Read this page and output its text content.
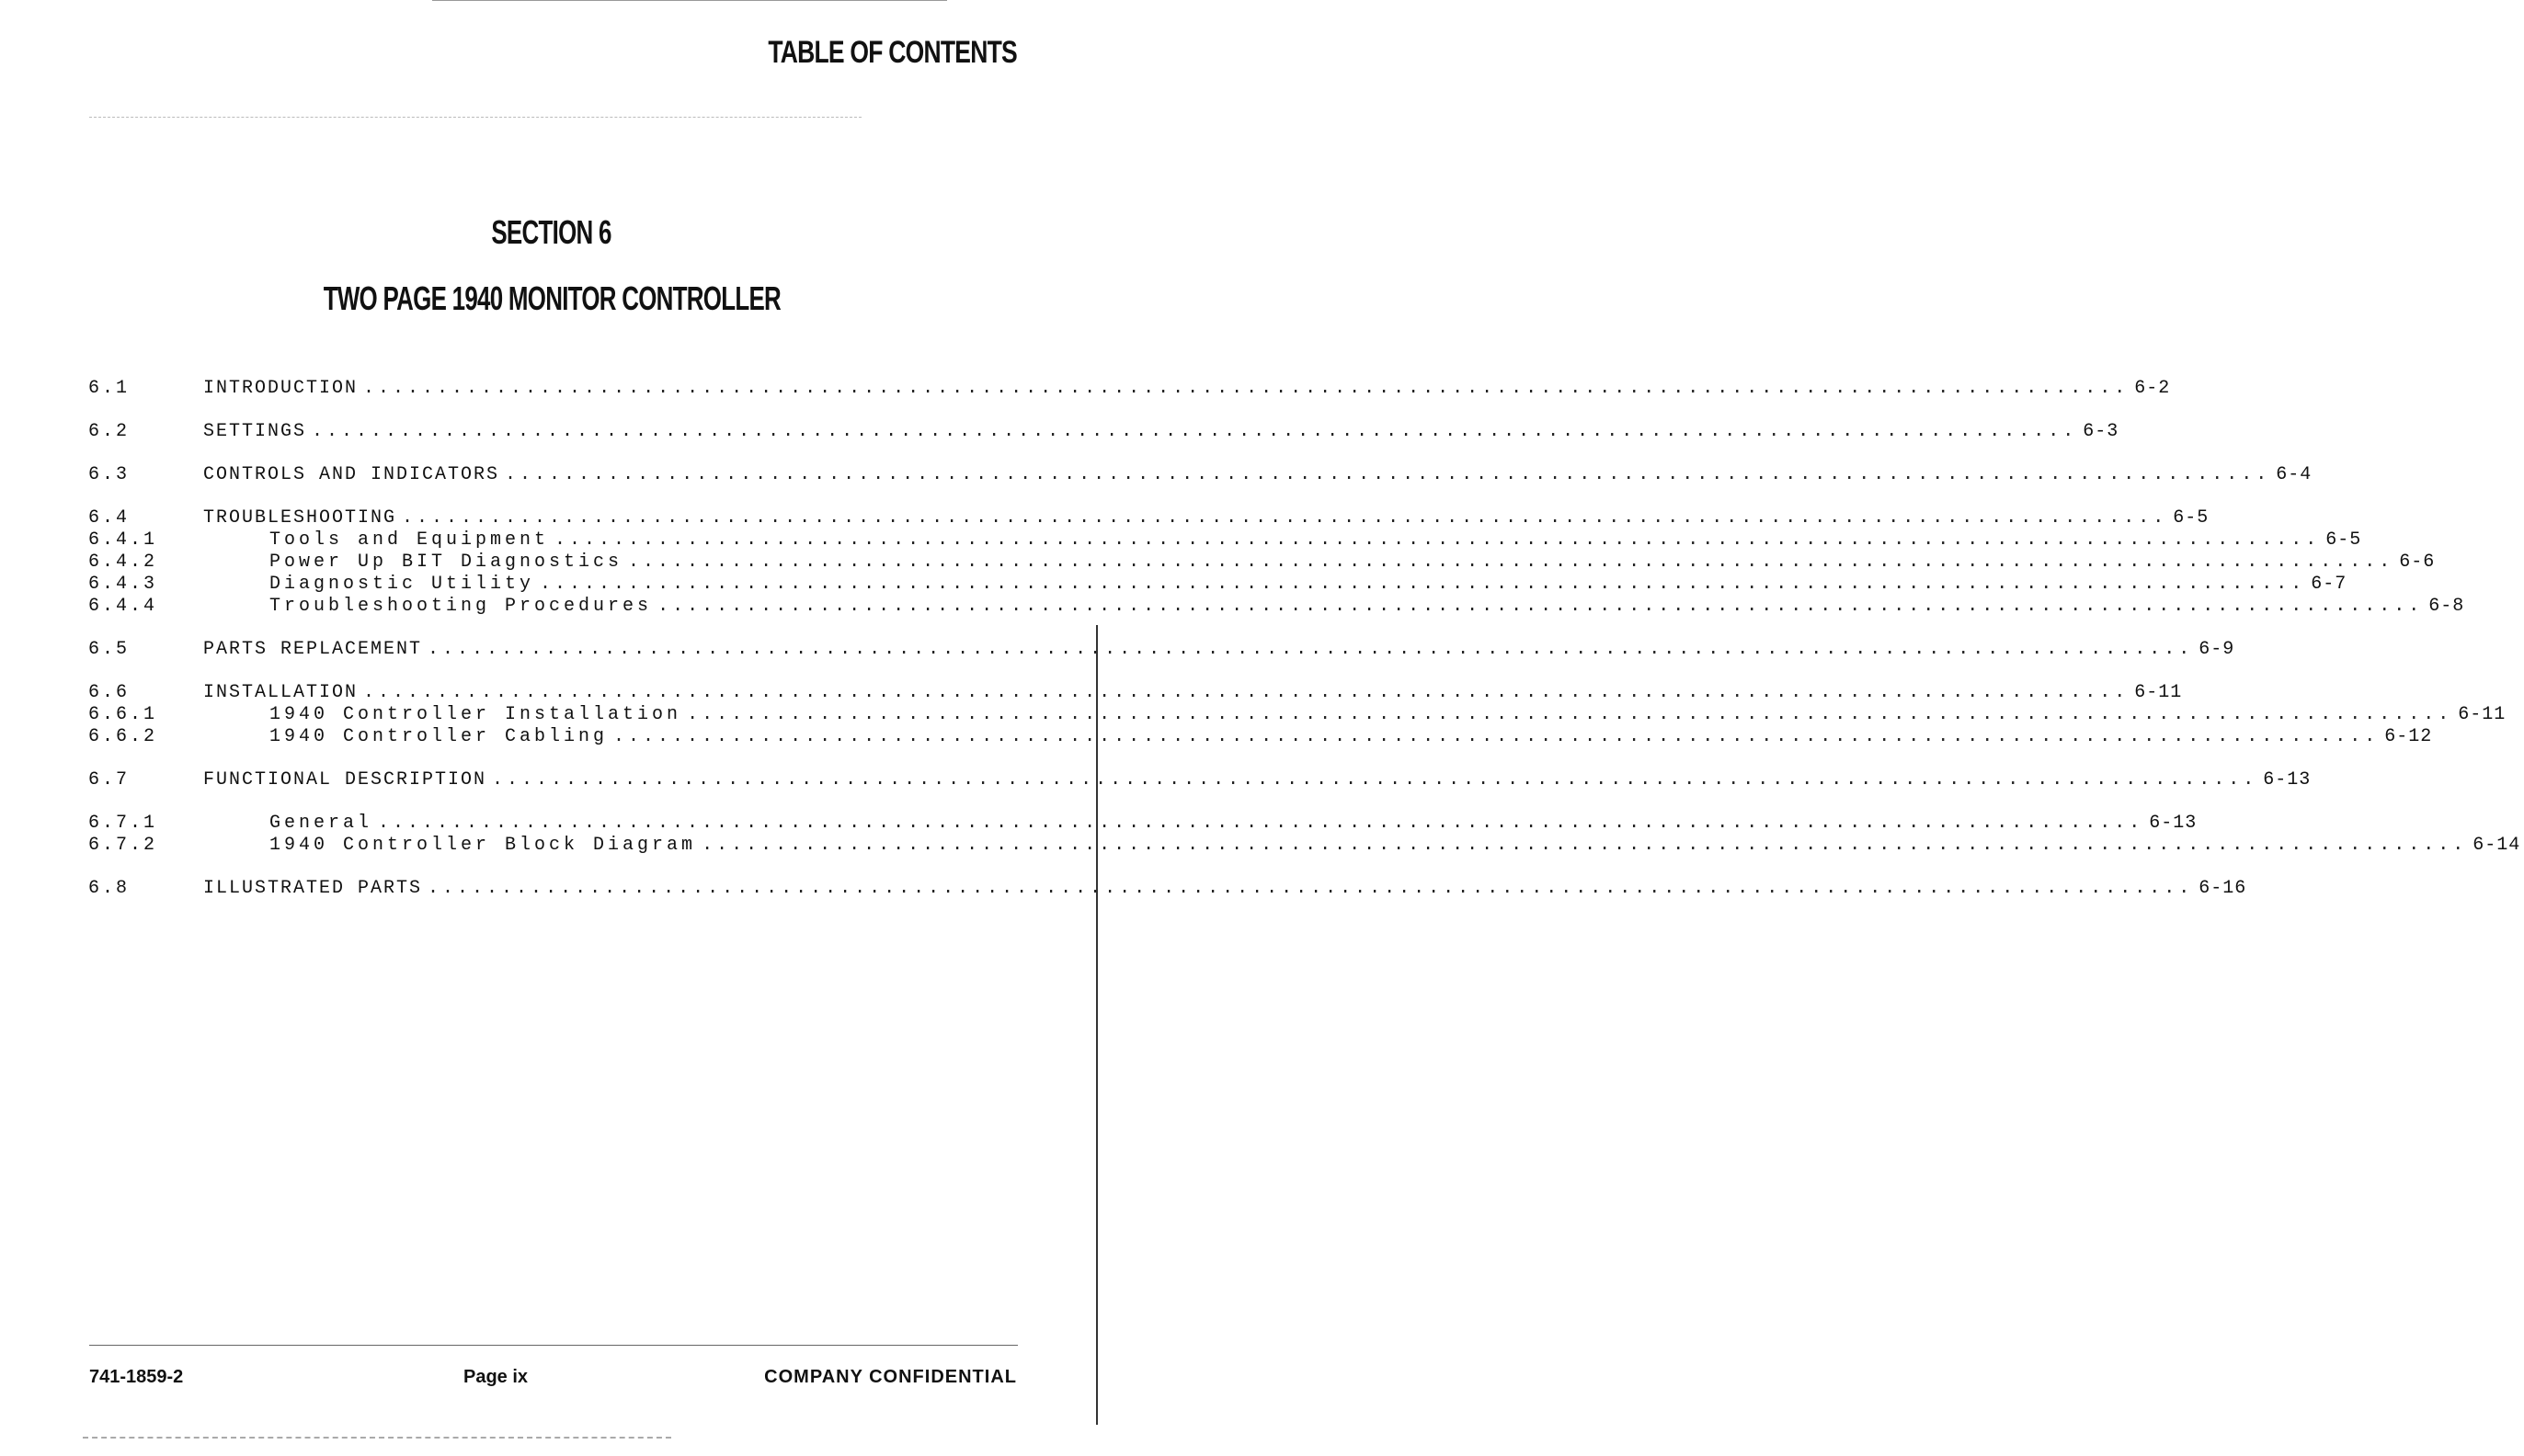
TABLE OF CONTENTS
SECTION 6
TWO PAGE 1940 MONITOR CONTROLLER
6.1	INTRODUCTION ........................................................................................................................ 6-2
6.2	SETTINGS ........................................................................................................................ 6-3
6.3	CONTROLS AND INDICATORS ........................................................................................................................ 6-4
6.4	TROUBLESHOOTING ........................................................................................................................ 6-5
6.4.1	Tools and Equipment ........................................................................................................................ 6-5
6.4.2	Power Up BIT Diagnostics ........................................................................................................................ 6-6
6.4.3	Diagnostic Utility ........................................................................................................................ 6-7
6.4.4	Troubleshooting Procedures ........................................................................................................................ 6-8
6.5	PARTS REPLACEMENT ........................................................................................................................ 6-9
6.6	INSTALLATION ........................................................................................................................ 6-11
6.6.1	1940 Controller Installation ........................................................................................................................ 6-11
6.6.2	1940 Controller Cabling ........................................................................................................................ 6-12
6.7	FUNCTIONAL DESCRIPTION ........................................................................................................................ 6-13
6.7.1	General ........................................................................................................................ 6-13
6.7.2	1940 Controller Block Diagram ........................................................................................................................ 6-14
6.8	ILLUSTRATED PARTS ........................................................................................................................ 6-16
741-1859-2	Page ix	COMPANY CONFIDENTIAL
